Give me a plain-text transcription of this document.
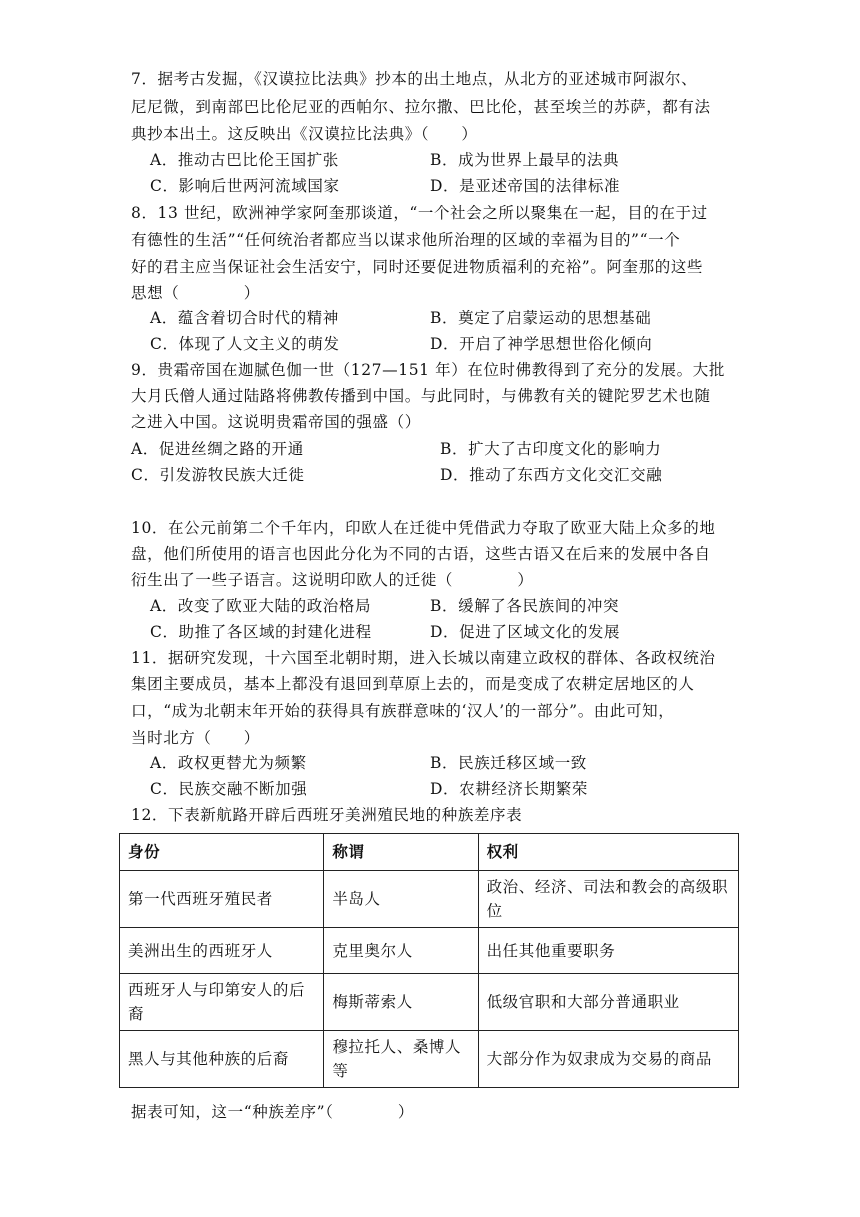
7．据考古发掘，《汉谟拉比法典》抄本的出土地点，从北方的亚述城市阿淑尔、
尼尼微，到南部巴比伦尼亚的西帕尔、拉尔撒、巴比伦，甚至埃兰的苏萨，都有法
典抄本出土。这反映出《汉谟拉比法典》（　　）
A．推动古巴比伦王国扩张	B．成为世界上最早的法典
C．影响后世两河流域国家	D．是亚述帝国的法律标准
8．13 世纪，欧洲神学家阿奎那谈道，“一个社会之所以聚集在一起，目的在于过
有德性的生活”“任何统治者都应当以谋求他所治理的区域的幸福为目的”“一个
好的君主应当保证社会生活安宁，同时还要促进物质福利的充裕”。阿奎那的这些
思想（　　　　）
A．蕴含着切合时代的精神	B．奠定了启蒙运动的思想基础
C．体现了人文主义的萌发	D．开启了神学思想世俗化倾向
9．贵霜帝国在迦腻色伽一世（127—151 年）在位时佛教得到了充分的发展。大批
大月氏僧人通过陆路将佛教传播到中国。与此同时，与佛教有关的键陀罗艺术也随
之进入中国。这说明贵霜帝国的强盛（）
A．促进丝绸之路的开通	B．扩大了古印度文化的影响力
C．引发游牧民族大迁徙	D．推动了东西方文化交汇交融
10．在公元前第二个千年内，印欧人在迁徙中凭借武力夺取了欧亚大陆上众多的地
盘，他们所使用的语言也因此分化为不同的古语，这些古语又在后来的发展中各自
衍生出了一些子语言。这说明印欧人的迁徙（　　　　）
A．改变了欧亚大陆的政治格局	B．缓解了各民族间的冲突
C．助推了各区域的封建化进程	D．促进了区域文化的发展
11．据研究发现，十六国至北朝时期，进入长城以南建立政权的群体、各政权统治
集团主要成员，基本上都没有退回到草原上去的，而是变成了农耕定居地区的人
口，“成为北朝末年开始的获得具有族群意味的‘汉人’的一部分”。由此可知，
当时北方（　　）
A．政权更替尤为频繁	B．民族迁移区域一致
C．民族交融不断加强	D．农耕经济长期繁荣
12．下表新航路开辟后西班牙美洲殖民地的种族差序表
身份	称谓	权利
第一代西班牙殖民者	半岛人	政治、经济、司法和教会的高级职位
美洲出生的西班牙人	克里奥尔人	出任其他重要职务
西班牙人与印第安人的后裔	梅斯蒂索人	低级官职和大部分普通职业
黑人与其他种族的后裔	穆拉托人、桑博人等	大部分作为奴隶成为交易的商品
据表可知，这一“种族差序”（　　　　）
